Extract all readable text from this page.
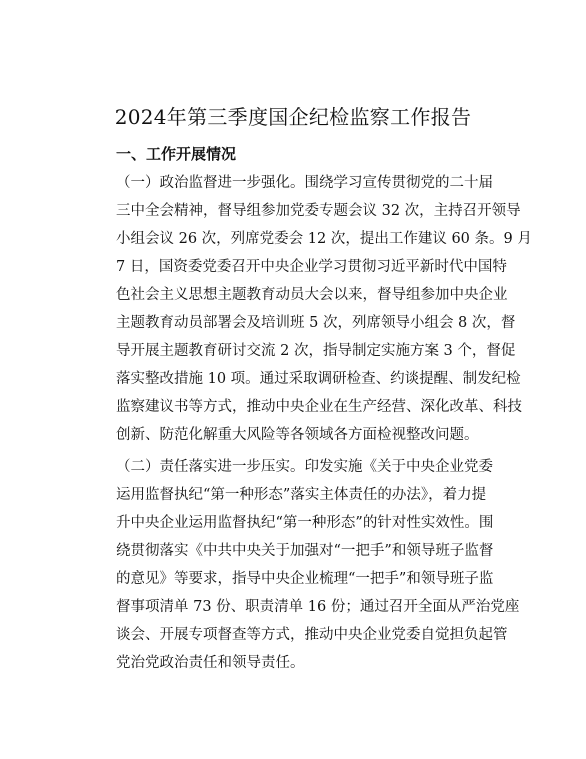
2024年第三季度国企纪检监察工作报告
一、工作开展情况
（一）政治监督进一步强化。围绕学习宣传贯彻党的二十届
三中全会精神，督导组参加党委专题会议 32 次，主持召开领导
小组会议 26 次，列席党委会 12 次，提出工作建议 60 条。9 月
7 日，国资委党委召开中央企业学习贯彻习近平新时代中国特
色社会主义思想主题教育动员大会以来，督导组参加中央企业
主题教育动员部署会及培训班 5 次，列席领导小组会 8 次，督
导开展主题教育研讨交流 2 次，指导制定实施方案 3 个，督促
落实整改措施 10 项。通过采取调研检查、约谈提醒、制发纪检
监察建议书等方式，推动中央企业在生产经营、深化改革、科技
创新、防范化解重大风险等各领域各方面检视整改问题。
（二）责任落实进一步压实。印发实施《关于中央企业党委
运用监督执纪“第一种形态”落实主体责任的办法》，着力提
升中央企业运用监督执纪“第一种形态”的针对性实效性。围
绕贯彻落实《中共中央关于加强对“一把手”和领导班子监督
的意见》等要求，指导中央企业梳理“一把手”和领导班子监
督事项清单 73 份、职责清单 16 份；通过召开全面从严治党座
谈会、开展专项督查等方式，推动中央企业党委自觉担负起管
党治党政治责任和领导责任。
